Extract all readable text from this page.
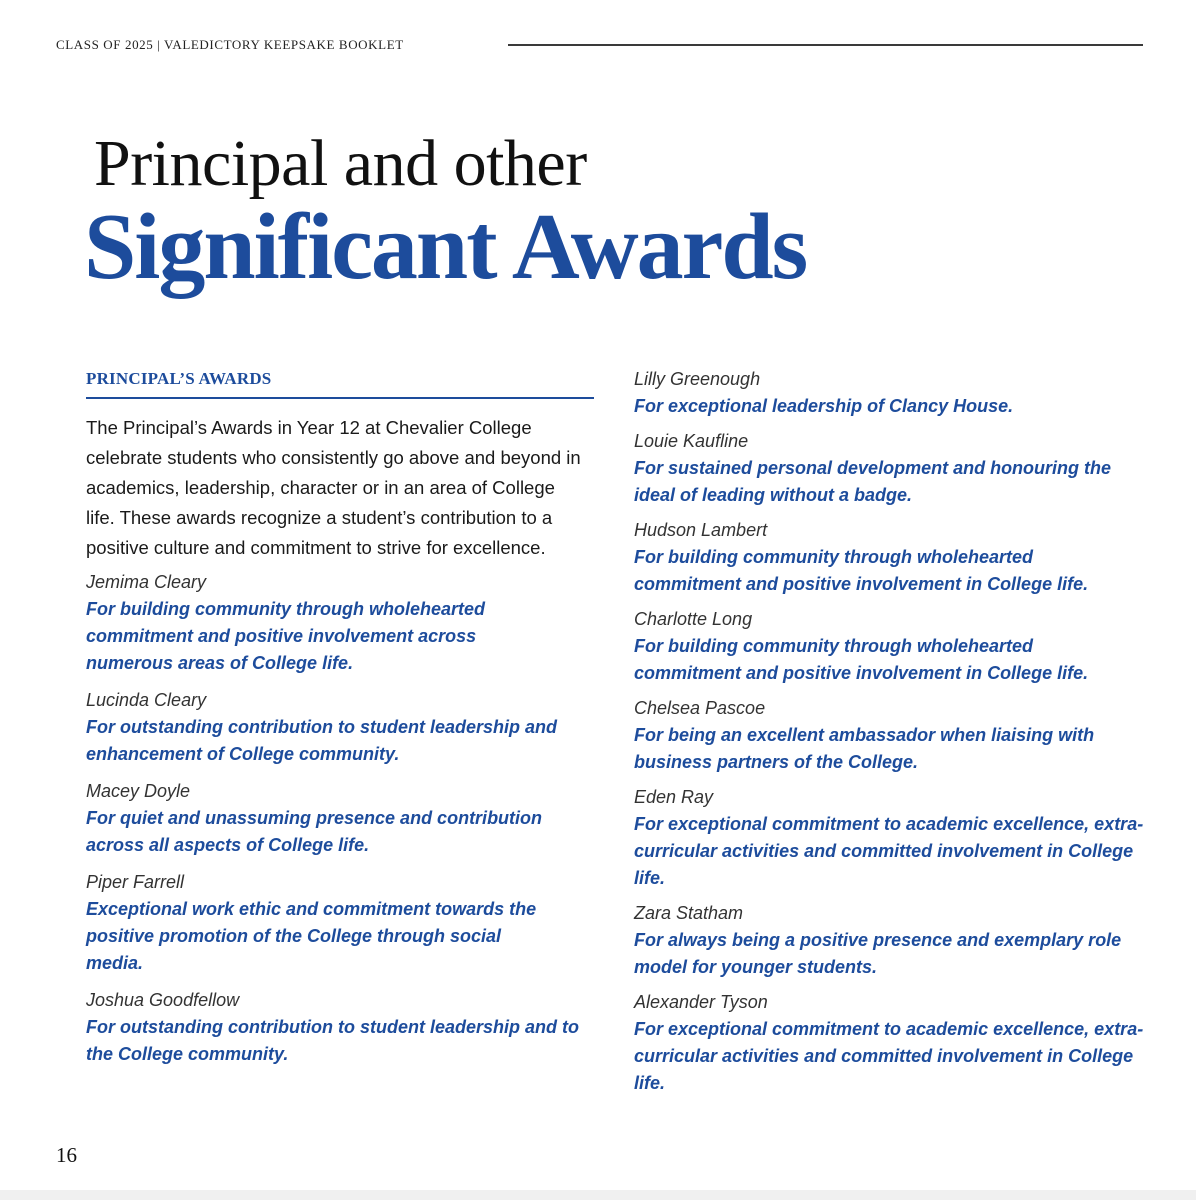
CLASS OF 2025 | VALEDICTORY KEEPSAKE BOOKLET
Principal and other
Significant Awards
PRINCIPAL’S AWARDS
The Principal’s Awards in Year 12 at Chevalier College celebrate students who consistently go above and beyond in academics, leadership, character or in an area of College life. These awards recognize a student’s contribution to a positive culture and commitment to strive for excellence.
Jemima Cleary
For building community through wholehearted commitment and positive involvement across numerous areas of College life.
Lucinda Cleary
For outstanding contribution to student leadership and enhancement of College community.
Macey Doyle
For quiet and unassuming presence and contribution across all aspects of College life.
Piper Farrell
Exceptional work ethic and commitment towards the positive promotion of the College through social media.
Joshua Goodfellow
For outstanding contribution to student leadership and to the College community.
Lilly Greenough
For exceptional leadership of Clancy House.
Louie Kaufline
For sustained personal development and honouring the ideal of leading without a badge.
Hudson Lambert
For building community through wholehearted commitment and positive involvement in College life.
Charlotte Long
For building community through wholehearted commitment and positive involvement in College life.
Chelsea Pascoe
For being an excellent ambassador when liaising with business partners of the College.
Eden Ray
For exceptional commitment to academic excellence, extra-curricular activities and committed involvement in College life.
Zara Statham
For always being a positive presence and exemplary role model for younger students.
Alexander Tyson
For exceptional commitment to academic excellence, extra-curricular activities and committed involvement in College life.
16
